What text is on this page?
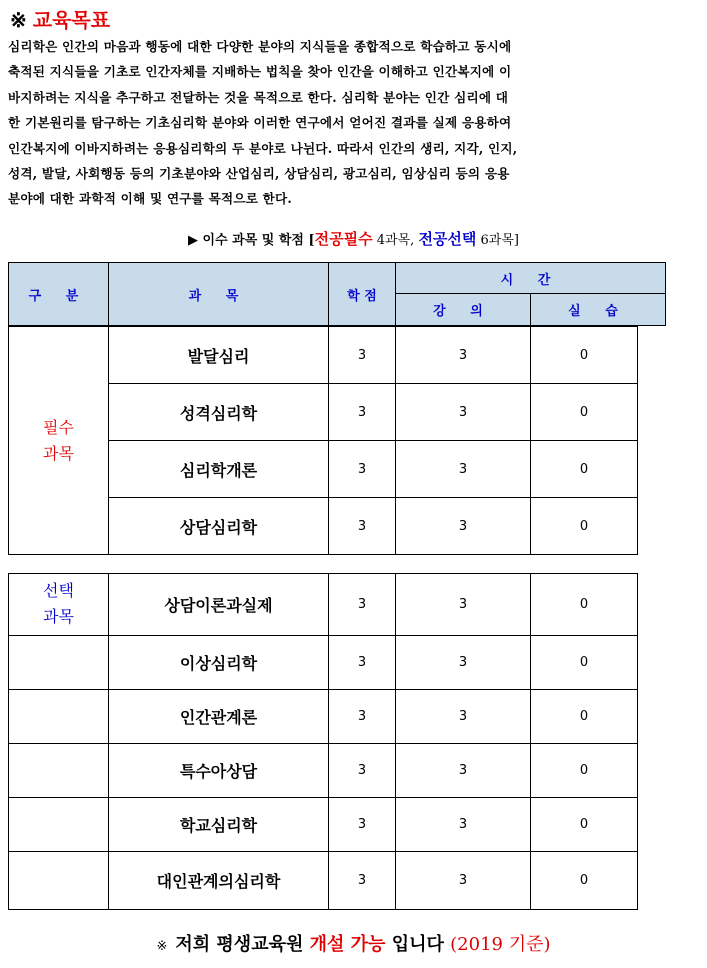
※ 교육목표
심리학은 인간의 마음과 행동에 대한 다양한 분야의 지식들을 종합적으로 학습하고 동시에
축적된 지식들을 기초로 인간자체를 지배하는 법칙을 찾아 인간을 이해하고 인간복지에 이
바지하려는 지식을 추구하고 전달하는 것을 목적으로 한다. 심리학 분야는 인간 심리에 대
한 기본원리를 탐구하는 기초심리학 분야와 이러한 연구에서 얻어진 결과를 실제 응용하여
인간복지에 이바지하려는 응용심리학의 두 분야로 나뉜다. 따라서 인간의 생리, 지각, 인지,
성격, 발달, 사회행동 등의 기초분야와 산업심리, 상담심리, 광고심리, 임상심리 등의 응용
분야에 대한 과학적 이해 및 연구를 목적으로 한다.
▶ 이수 과목 및 학점 [전공필수 4과목, 전공선택 6과목]
구 분	과 목	학 점	시 간	
			강 의	실 습
필수
과목	발달심리	3	3	0
	성격심리학	3	3	0
	심리학개론	3	3	0
	상담심리학	3	3	0
선택
과목	상담이론과실제	3	3	0
	이상심리학	3	3	0
	인간관계론	3	3	0
	특수아상담	3	3	0
	학교심리학	3	3	0
	대인관계의심리학	3	3	0
※ 저희 평생교육원 개설 가능 입니다 (2019 기준)
